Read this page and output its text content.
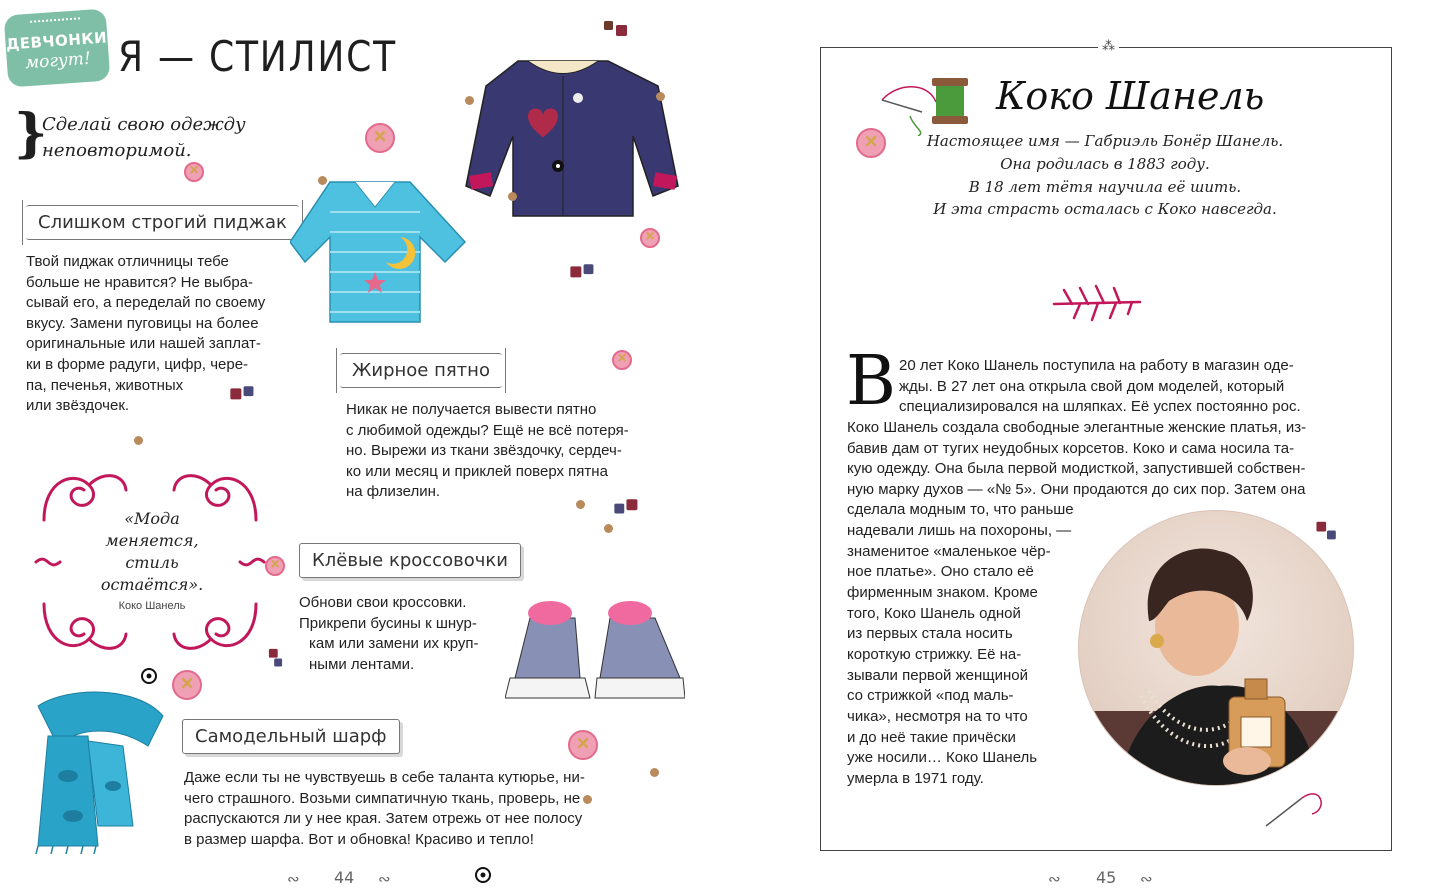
ДЕВЧОНКИ
могут! Я — СТИЛИСТ
}
Сделай свою одежду
неповторимой.
Слишком строгий пиджак
Твой пиджак отличницы тебе
больше не нравится? Не выбра-
сывай его, а переделай по своему
вкусу. Замени пуговицы на более
оригинальные или нашей заплат-
ки в форме радуги, цифр, чере-
па, печенья, животных
или звёздочек.
Жирное пятно
Никак не получается вывести пятно
с любимой одежды? Ещё не всё потеря-
но. Вырежи из ткани звёздочку, сердеч-
ко или месяц и приклей поверх пятна
на флизелин.
Клёвые кроссовочки
Обнови свои кроссовки.
Прикрепи бусины к шнур-
кам или замени их круп-
ными лентами.
Самодельный шарф
Даже если ты не чувствуешь в себе таланта кутюрье, ни-
чего страшного. Возьми симпатичную ткань, проверь, не
распускаются ли у нее края. Затем отрежь от нее полосу
в размер шарфа. Вот и обновка! Красиво и тепло!
«Мода
меняется,
стиль
остаётся».
Коко Шанель
×
×
×
×
×
×
×
∾ 44 ∾
⁂
Коко Шанель
×
Настоящее имя — Габриэль Бонёр Шанель.
Она родилась в 1883 году.
В 18 лет тётя научила её шить.
И эта страсть осталась с Коко навсегда.
В 20 лет Коко Шанель поступила на работу в магазин оде-
жды. В 27 лет она открыла свой дом моделей, который
специализировался на шляпках. Её успех постоянно рос.
Коко Шанель создала свободные элегантные женские платья, из-
бавив дам от тугих неудобных корсетов. Коко и сама носила та-
кую одежду. Она была первой модисткой, запустившей собствен-
ную марку духов — «№ 5». Они продаются до сих пор. Затем она
сделала модным то, что раньше
надевали лишь на похороны, —
знаменитое «маленькое чёр-
ное платье». Оно стало её
фирменным знаком. Кроме
того, Коко Шанель одной
из первых стала носить
короткую стрижку. Её на-
зывали первой женщиной
со стрижкой «под маль-
чика», несмотря на то что
и до неё такие причёски
уже носили… Коко Шанель
умерла в 1971 году.
∾ 45 ∾
